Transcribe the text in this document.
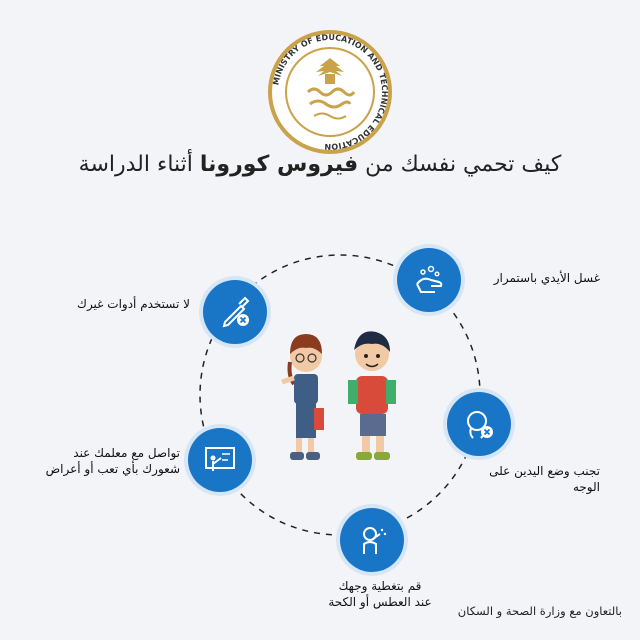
MINISTRY OF EDUCATION AND TECHNICAL EDUCATION
كيف تحمي نفسك من فيروس كورونا أثناء الدراسة
غسل الأيدي باستمرار
لا تستخدم أدوات غيرك
تجنب وضع اليدين على الوجه
تواصل مع معلمك عند
شعورك بأي تعب أو أعراض
قم بتغطية وجهك
عند العطس أو الكحة
بالتعاون مع وزارة الصحة و السكان
